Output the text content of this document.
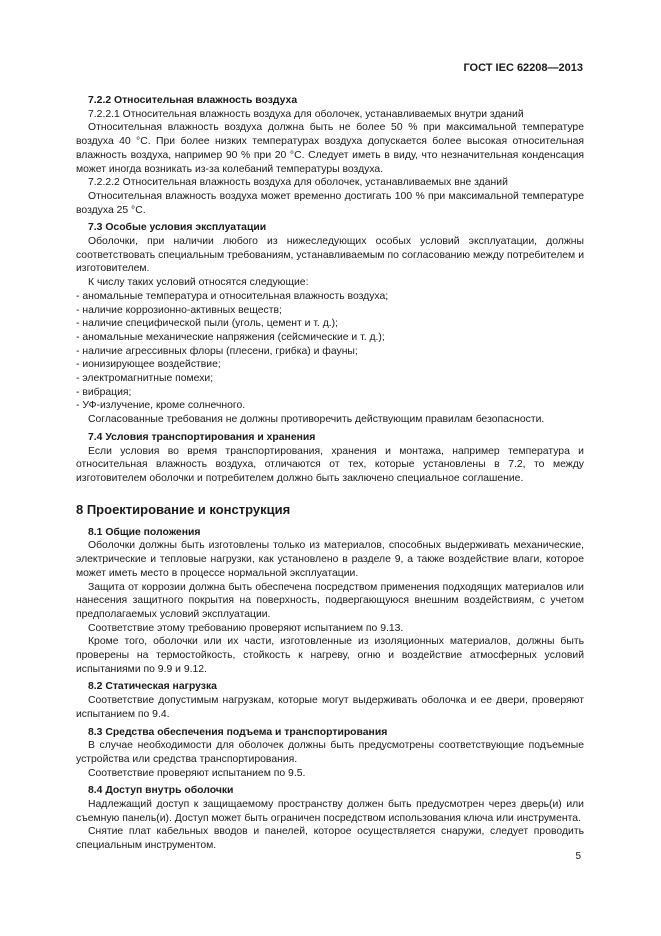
ГОСТ IEC 62208—2013

7.2.2 Относительная влажность воздуха

7.2.2.1 Относительная влажность воздуха для оболочек, устанавливаемых внутри зданий

Относительная влажность воздуха должна быть не более 50 % при максимальной температуре воздуха 40 °С. При более низких температурах воздуха допускается более высокая относительная влажность воздуха, например 90 % при 20 °С. Следует иметь в виду, что незначительная конденсация может иногда возникать из-за колебаний температуры воздуха.

7.2.2.2 Относительная влажность воздуха для оболочек, устанавливаемых вне зданий

Относительная влажность воздуха может временно достигать 100 % при максимальной температуре воздуха 25 °С.

7.3 Особые условия эксплуатации

Оболочки, при наличии любого из нижеследующих особых условий эксплуатации, должны соответствовать специальным требованиям, устанавливаемым по согласованию между потребителем и изготовителем.

К числу таких условий относятся следующие:

- аномальные температура и относительная влажность воздуха;
- наличие коррозионно-активных веществ;
- наличие специфической пыли (уголь, цемент и т. д.);
- аномальные механические напряжения (сейсмические и т. д.);
- наличие агрессивных флоры (плесени, грибка) и фауны;
- ионизирующее воздействие;
- электромагнитные помехи;
- вибрация;
- УФ-излучение, кроме солнечного.

Согласованные требования не должны противоречить действующим правилам безопасности.

7.4 Условия транспортирования и хранения

Если условия во время транспортирования, хранения и монтажа, например температура и относительная влажность воздуха, отличаются от тех, которые установлены в 7.2, то между изготовителем оболочки и потребителем должно быть заключено специальное соглашение.

8 Проектирование и конструкция

8.1 Общие положения

Оболочки должны быть изготовлены только из материалов, способных выдерживать механические, электрические и тепловые нагрузки, как установлено в разделе 9, а также воздействие влаги, которое может иметь место в процессе нормальной эксплуатации.

Защита от коррозии должна быть обеспечена посредством применения подходящих материалов или нанесения защитного покрытия на поверхность, подвергающуюся внешним воздействиям, с учетом предполагаемых условий эксплуатации.

Соответствие этому требованию проверяют испытанием по 9.13.

Кроме того, оболочки или их части, изготовленные из изоляционных материалов, должны быть проверены на термостойкость, стойкость к нагреву, огню и воздействие атмосферных условий испытаниями по 9.9 и 9.12.

8.2 Статическая нагрузка

Соответствие допустимым нагрузкам, которые могут выдерживать оболочка и ее двери, проверяют испытанием по 9.4.

8.3 Средства обеспечения подъема и транспортирования

В случае необходимости для оболочек должны быть предусмотрены соответствующие подъемные устройства или средства транспортирования.

Соответствие проверяют испытанием по 9.5.

8.4 Доступ внутрь оболочки

Надлежащий доступ к защищаемому пространству должен быть предусмотрен через дверь(и) или съемную панель(и). Доступ может быть ограничен посредством использования ключа или инструмента.

Снятие плат кабельных вводов и панелей, которое осуществляется снаружи, следует проводить специальным инструментом.

5
